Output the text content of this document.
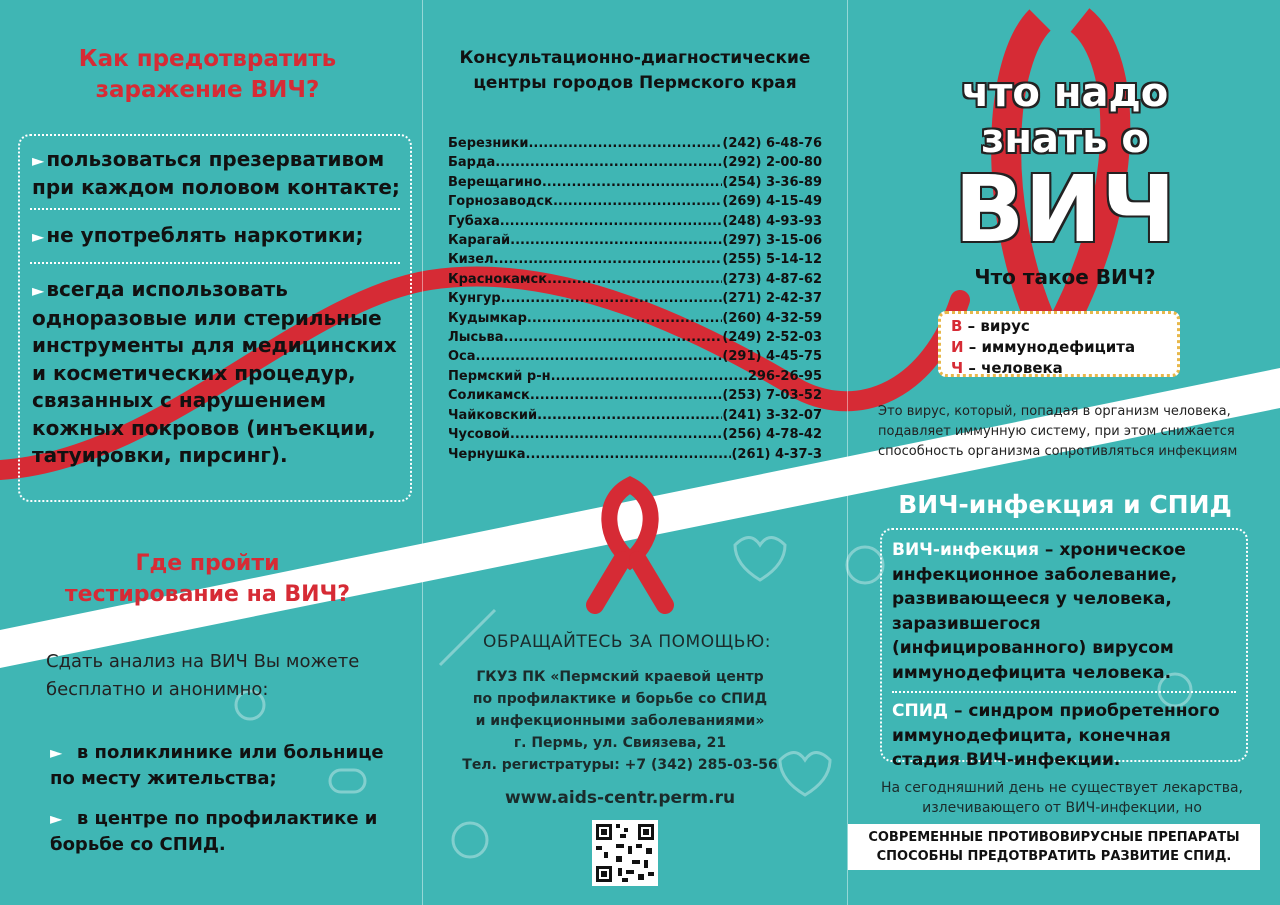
Как предотвратить
заражение ВИЧ?
► пользоваться презервативом при каждом половом контакте;
► не употреблять наркотики;
► всегда использовать одноразовые или стерильные инструменты для медицинских и косметических процедур, связанных с нарушением кожных покровов (инъекции, татуировки, пирсинг).
Где пройти
тестирование на ВИЧ?
Сдать анализ на ВИЧ Вы можете бесплатно и анонимно:
► в поликлинике или больнице по месту жительства;
► в центре по профилактике и борьбе со СПИД.
Консультационно-диагностические
центры городов Пермского края
Березники .....	(242) 6-48-76
Барда .....	(292) 2-00-80
Верещагино .....	(254) 3-36-89
Горнозаводск .....	(269) 4-15-49
Губаха .....	(248) 4-93-93
Карагай .....	(297) 3-15-06
Кизел .....	(255) 5-14-12
Краснокамск .....	(273) 4-87-62
Кунгур .....	(271) 2-42-37
Кудымкар .....	(260) 4-32-59
Лысьва .....	(249) 2-52-03
Оса .....	(291) 4-45-75
Пермский р-н .....	296-26-95
Соликамск .....	(253) 7-03-52
Чайковский .....	(241) 3-32-07
Чусовой .....	(256) 4-78-42
Чернушка .....	(261) 4-37-3
ОБРАЩАЙТЕСЬ ЗА ПОМОЩЬЮ:
ГКУЗ ПК «Пермский краевой центр
по профилактике и борьбе со СПИД
и инфекционными заболеваниями»
г. Пермь, ул. Свиязева, 21
Тел. регистратуры: +7 (342) 285-03-56
www.aids-centr.perm.ru
что надо
знать о
ВИЧ
Что такое ВИЧ?
В – вирус
И – иммунодефицита
Ч – человека
Это вирус, который, попадая в организм человека,
подавляет иммунную систему, при этом снижается
способность организма сопротивляться инфекциям
ВИЧ-инфекция и СПИД
ВИЧ-инфекция – хроническое инфекционное заболевание, развивающееся у человека, заразившегося (инфицированного) вирусом иммунодефицита человека.
СПИД – синдром приобретенного иммунодефицита, конечная стадия ВИЧ-инфекции.
На сегодняшний день не существует лекарства,
излечивающего от ВИЧ-инфекции, но
СОВРЕМЕННЫЕ ПРОТИВОВИРУСНЫЕ ПРЕПАРАТЫ
СПОСОБНЫ ПРЕДОТВРАТИТЬ РАЗВИТИЕ СПИД.
